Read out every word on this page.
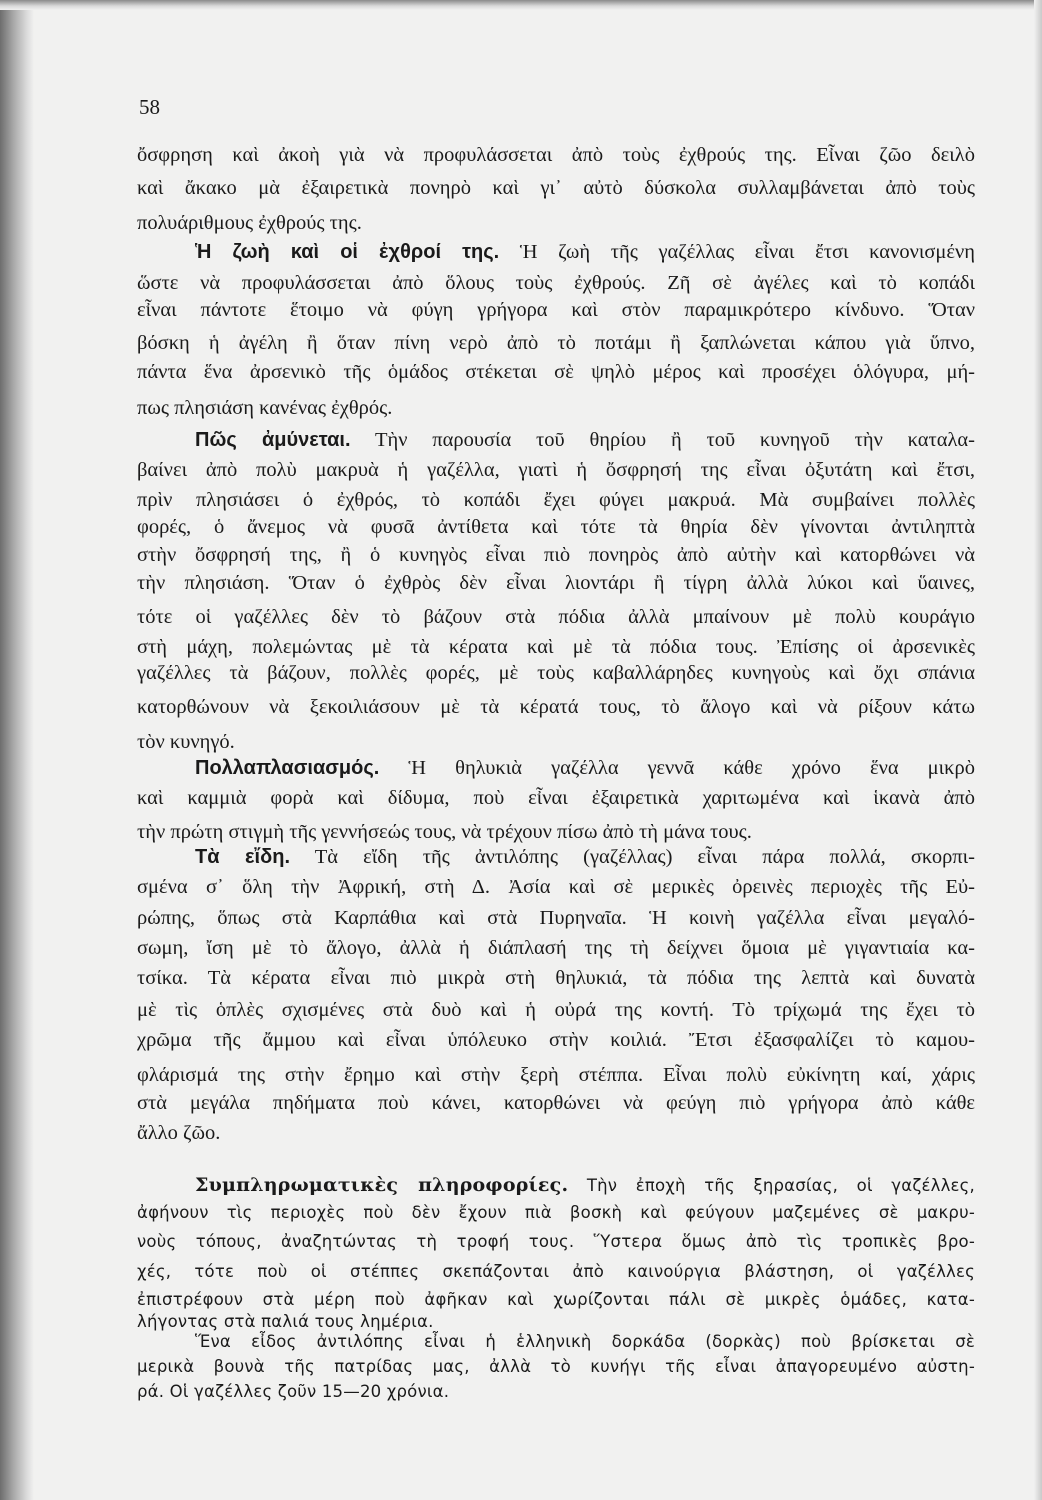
58
ὄσφρηση καὶ ἀκοὴ γιὰ νὰ προφυλάσσεται ἀπὸ τοὺς ἐχθρούς της. Εἶναι ζῶο δειλὸ
καὶ ἄκακο μὰ ἐξαιρετικὰ πονηρὸ καὶ γι᾽ αὐτὸ δύσκολα συλλαμβάνεται ἀπὸ τοὺς
πολυάριθμους ἐχθρούς της.
Ἡ ζωὴ καὶ οἱ ἐχθροί της. Ἡ ζωὴ τῆς γαζέλλας εἶναι ἔτσι κανονισμένη
ὥστε νὰ προφυλάσσεται ἀπὸ ὅλους τοὺς ἐχθρούς. Ζῆ σὲ ἀγέλες καὶ τὸ κοπάδι
εἶναι πάντοτε ἕτοιμο νὰ φύγη γρήγορα καὶ στὸν παραμικρότερο κίνδυνο. Ὅταν
βόσκη ἡ ἀγέλη ἢ ὅταν πίνη νερὸ ἀπὸ τὸ ποτάμι ἢ ξαπλώνεται κάπου γιὰ ὕπνο,
πάντα ἕνα ἀρσενικὸ τῆς ὁμάδος στέκεται σὲ ψηλὸ μέρος καὶ προσέχει ὁλόγυρα, μή-
πως πλησιάση κανένας ἐχθρός.
Πῶς ἀμύνεται. Τὴν παρουσία τοῦ θηρίου ἢ τοῦ κυνηγοῦ τὴν καταλα-
βαίνει ἀπὸ πολὺ μακρυὰ ἡ γαζέλλα, γιατὶ ἡ ὄσφρησή της εἶναι ὀξυτάτη καὶ ἔτσι,
πρὶν πλησιάσει ὁ ἐχθρός, τὸ κοπάδι ἔχει φύγει μακρυά. Μὰ συμβαίνει πολλὲς
φορές, ὁ ἄνεμος νὰ φυσᾶ ἀντίθετα καὶ τότε τὰ θηρία δὲν γίνονται ἀντιληπτὰ
στὴν ὄσφρησή της, ἢ ὁ κυνηγὸς εἶναι πιὸ πονηρὸς ἀπὸ αὐτὴν καὶ κατορθώνει νὰ
τὴν πλησιάση. Ὅταν ὁ ἐχθρὸς δὲν εἶναι λιοντάρι ἢ τίγρη ἀλλὰ λύκοι καὶ ὕαινες,
τότε οἱ γαζέλλες δὲν τὸ βάζουν στὰ πόδια ἀλλὰ μπαίνουν μὲ πολὺ κουράγιο
στὴ μάχη, πολεμώντας μὲ τὰ κέρατα καὶ μὲ τὰ πόδια τους. Ἐπίσης οἱ ἀρσενικὲς
γαζέλλες τὰ βάζουν, πολλὲς φορές, μὲ τοὺς καβαλλάρηδες κυνηγοὺς καὶ ὄχι σπάνια
κατορθώνουν νὰ ξεκοιλιάσουν μὲ τὰ κέρατά τους, τὸ ἄλογο καὶ νὰ ρίξουν κάτω
τὸν κυνηγό.
Πολλαπλασιασμός. Ἡ θηλυκιὰ γαζέλλα γεννᾶ κάθε χρόνο ἕνα μικρὸ
καὶ καμμιὰ φορὰ καὶ δίδυμα, ποὺ εἶναι ἐξαιρετικὰ χαριτωμένα καὶ ἱκανὰ ἀπὸ
τὴν πρώτη στιγμὴ τῆς γεννήσεώς τους, νὰ τρέχουν πίσω ἀπὸ τὴ μάνα τους.
Τὰ εἴδη. Τὰ εἴδη τῆς ἀντιλόπης (γαζέλλας) εἶναι πάρα πολλά, σκορπι-
σμένα σ᾽ ὅλη τὴν Ἀφρική, στὴ Δ. Ἀσία καὶ σὲ μερικὲς ὀρεινὲς περιοχὲς τῆς Εὐ-
ρώπης, ὅπως στὰ Καρπάθια καὶ στὰ Πυρηναῖα. Ἡ κοινὴ γαζέλλα εἶναι μεγαλό-
σωμη, ἴση μὲ τὸ ἄλογο, ἀλλὰ ἡ διάπλασή της τὴ δείχνει ὅμοια μὲ γιγαντιαία κα-
τσίκα. Τὰ κέρατα εἶναι πιὸ μικρὰ στὴ θηλυκιά, τὰ πόδια της λεπτὰ καὶ δυνατὰ
μὲ τὶς ὁπλὲς σχισμένες στὰ δυὸ καὶ ἡ οὐρά της κοντή. Τὸ τρίχωμά της ἔχει τὸ
χρῶμα τῆς ἄμμου καὶ εἶναι ὑπόλευκο στὴν κοιλιά. Ἔτσι ἐξασφαλίζει τὸ καμου-
φλάρισμά της στὴν ἔρημο καὶ στὴν ξερὴ στέππα. Εἶναι πολὺ εὐκίνητη καί, χάρις
στὰ μεγάλα πηδήματα ποὺ κάνει, κατορθώνει νὰ φεύγη πιὸ γρήγορα ἀπὸ κάθε
ἄλλο ζῶο.
Συμπληρωματικὲς πληροφορίες. Τὴν ἐποχὴ τῆς ξηρασίας, οἱ γαζέλλες,
ἀφήνουν τὶς περιοχὲς ποὺ δὲν ἔχουν πιὰ βοσκὴ καὶ φεύγουν μαζεμένες σὲ μακρυ-
νοὺς τόπους, ἀναζητώντας τὴ τροφή τους. Ὕστερα ὅμως ἀπὸ τὶς τροπικὲς βρο-
χές, τότε ποὺ οἱ στέππες σκεπάζονται ἀπὸ καινούργια βλάστηση, οἱ γαζέλλες
ἐπιστρέφουν στὰ μέρη ποὺ ἀφῆκαν καὶ χωρίζονται πάλι σὲ μικρὲς ὁμάδες, κατα-
λήγοντας στὰ παλιά τους λημέρια.
Ἕνα εἶδος ἀντιλόπης εἶναι ἡ ἑλληνικὴ δορκάδα (δορκὰς) ποὺ βρίσκεται σὲ
μερικὰ βουνὰ τῆς πατρίδας μας, ἀλλὰ τὸ κυνήγι τῆς εἶναι ἀπαγορευμένο αὐστη-
ρά. Οἱ γαζέλλες ζοῦν 15—20 χρόνια.
